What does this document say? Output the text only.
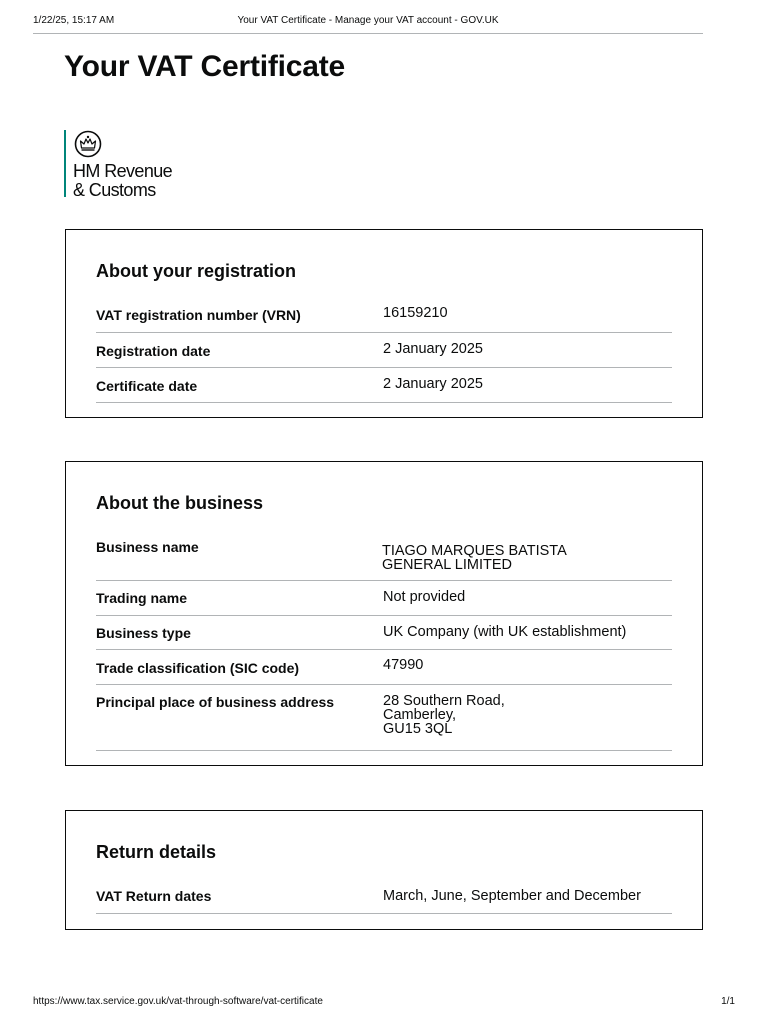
1/22/25, 15:17 AM	Your VAT Certificate - Manage your VAT account - GOV.UK
Your VAT Certificate
HM Revenue
& Customs
About your registration
VAT registration number (VRN)	16159210
Registration date	2 January 2025
Certificate date	2 January 2025
About the business
Business name	TIAGO MARQUES BATISTA
GENERAL LIMITED
Trading name	Not provided
Business type	UK Company (with UK establishment)
Trade classification (SIC code)	47990
Principal place of business address	28 Southern Road,
Camberley,
GU15 3QL
Return details
VAT Return dates	March, June, September and December
https://www.tax.service.gov.uk/vat-through-software/vat-certificate	1/1
